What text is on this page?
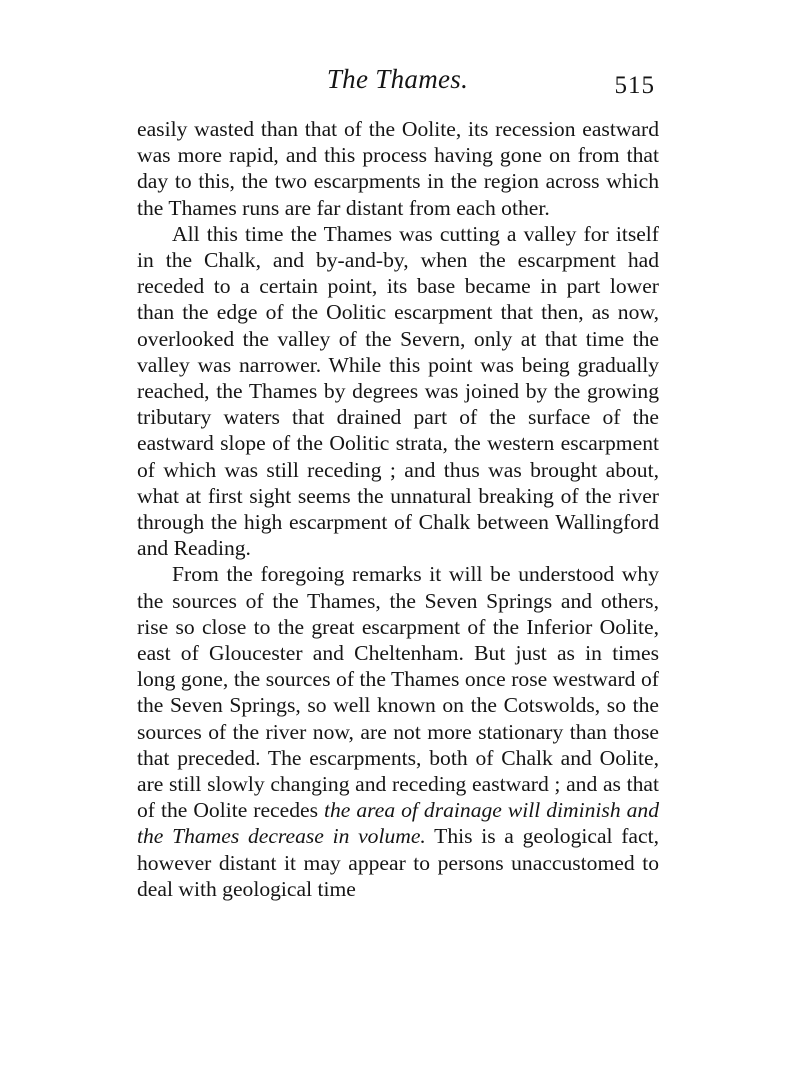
The Thames.	515

easily wasted than that of the Oolite, its recession eastward was more rapid, and this process having gone on from that day to this, the two escarpments in the region across which the Thames runs are far distant from each other.

All this time the Thames was cutting a valley for itself in the Chalk, and by-and-by, when the escarpment had receded to a certain point, its base became in part lower than the edge of the Oolitic escarpment that then, as now, overlooked the valley of the Severn, only at that time the valley was narrower. While this point was being gradually reached, the Thames by degrees was joined by the growing tributary waters that drained part of the surface of the eastward slope of the Oolitic strata, the western escarpment of which was still receding ; and thus was brought about, what at first sight seems the unnatural breaking of the river through the high escarpment of Chalk between Wallingford and Reading.

From the foregoing remarks it will be understood why the sources of the Thames, the Seven Springs and others, rise so close to the great escarpment of the Inferior Oolite, east of Gloucester and Cheltenham. But just as in times long gone, the sources of the Thames once rose westward of the Seven Springs, so well known on the Cotswolds, so the sources of the river now, are not more stationary than those that preceded. The escarpments, both of Chalk and Oolite, are still slowly changing and receding eastward ; and as that of the Oolite recedes the area of drainage will diminish and the Thames decrease in volume. This is a geological fact, however distant it may appear to persons unaccustomed to deal with geological time
